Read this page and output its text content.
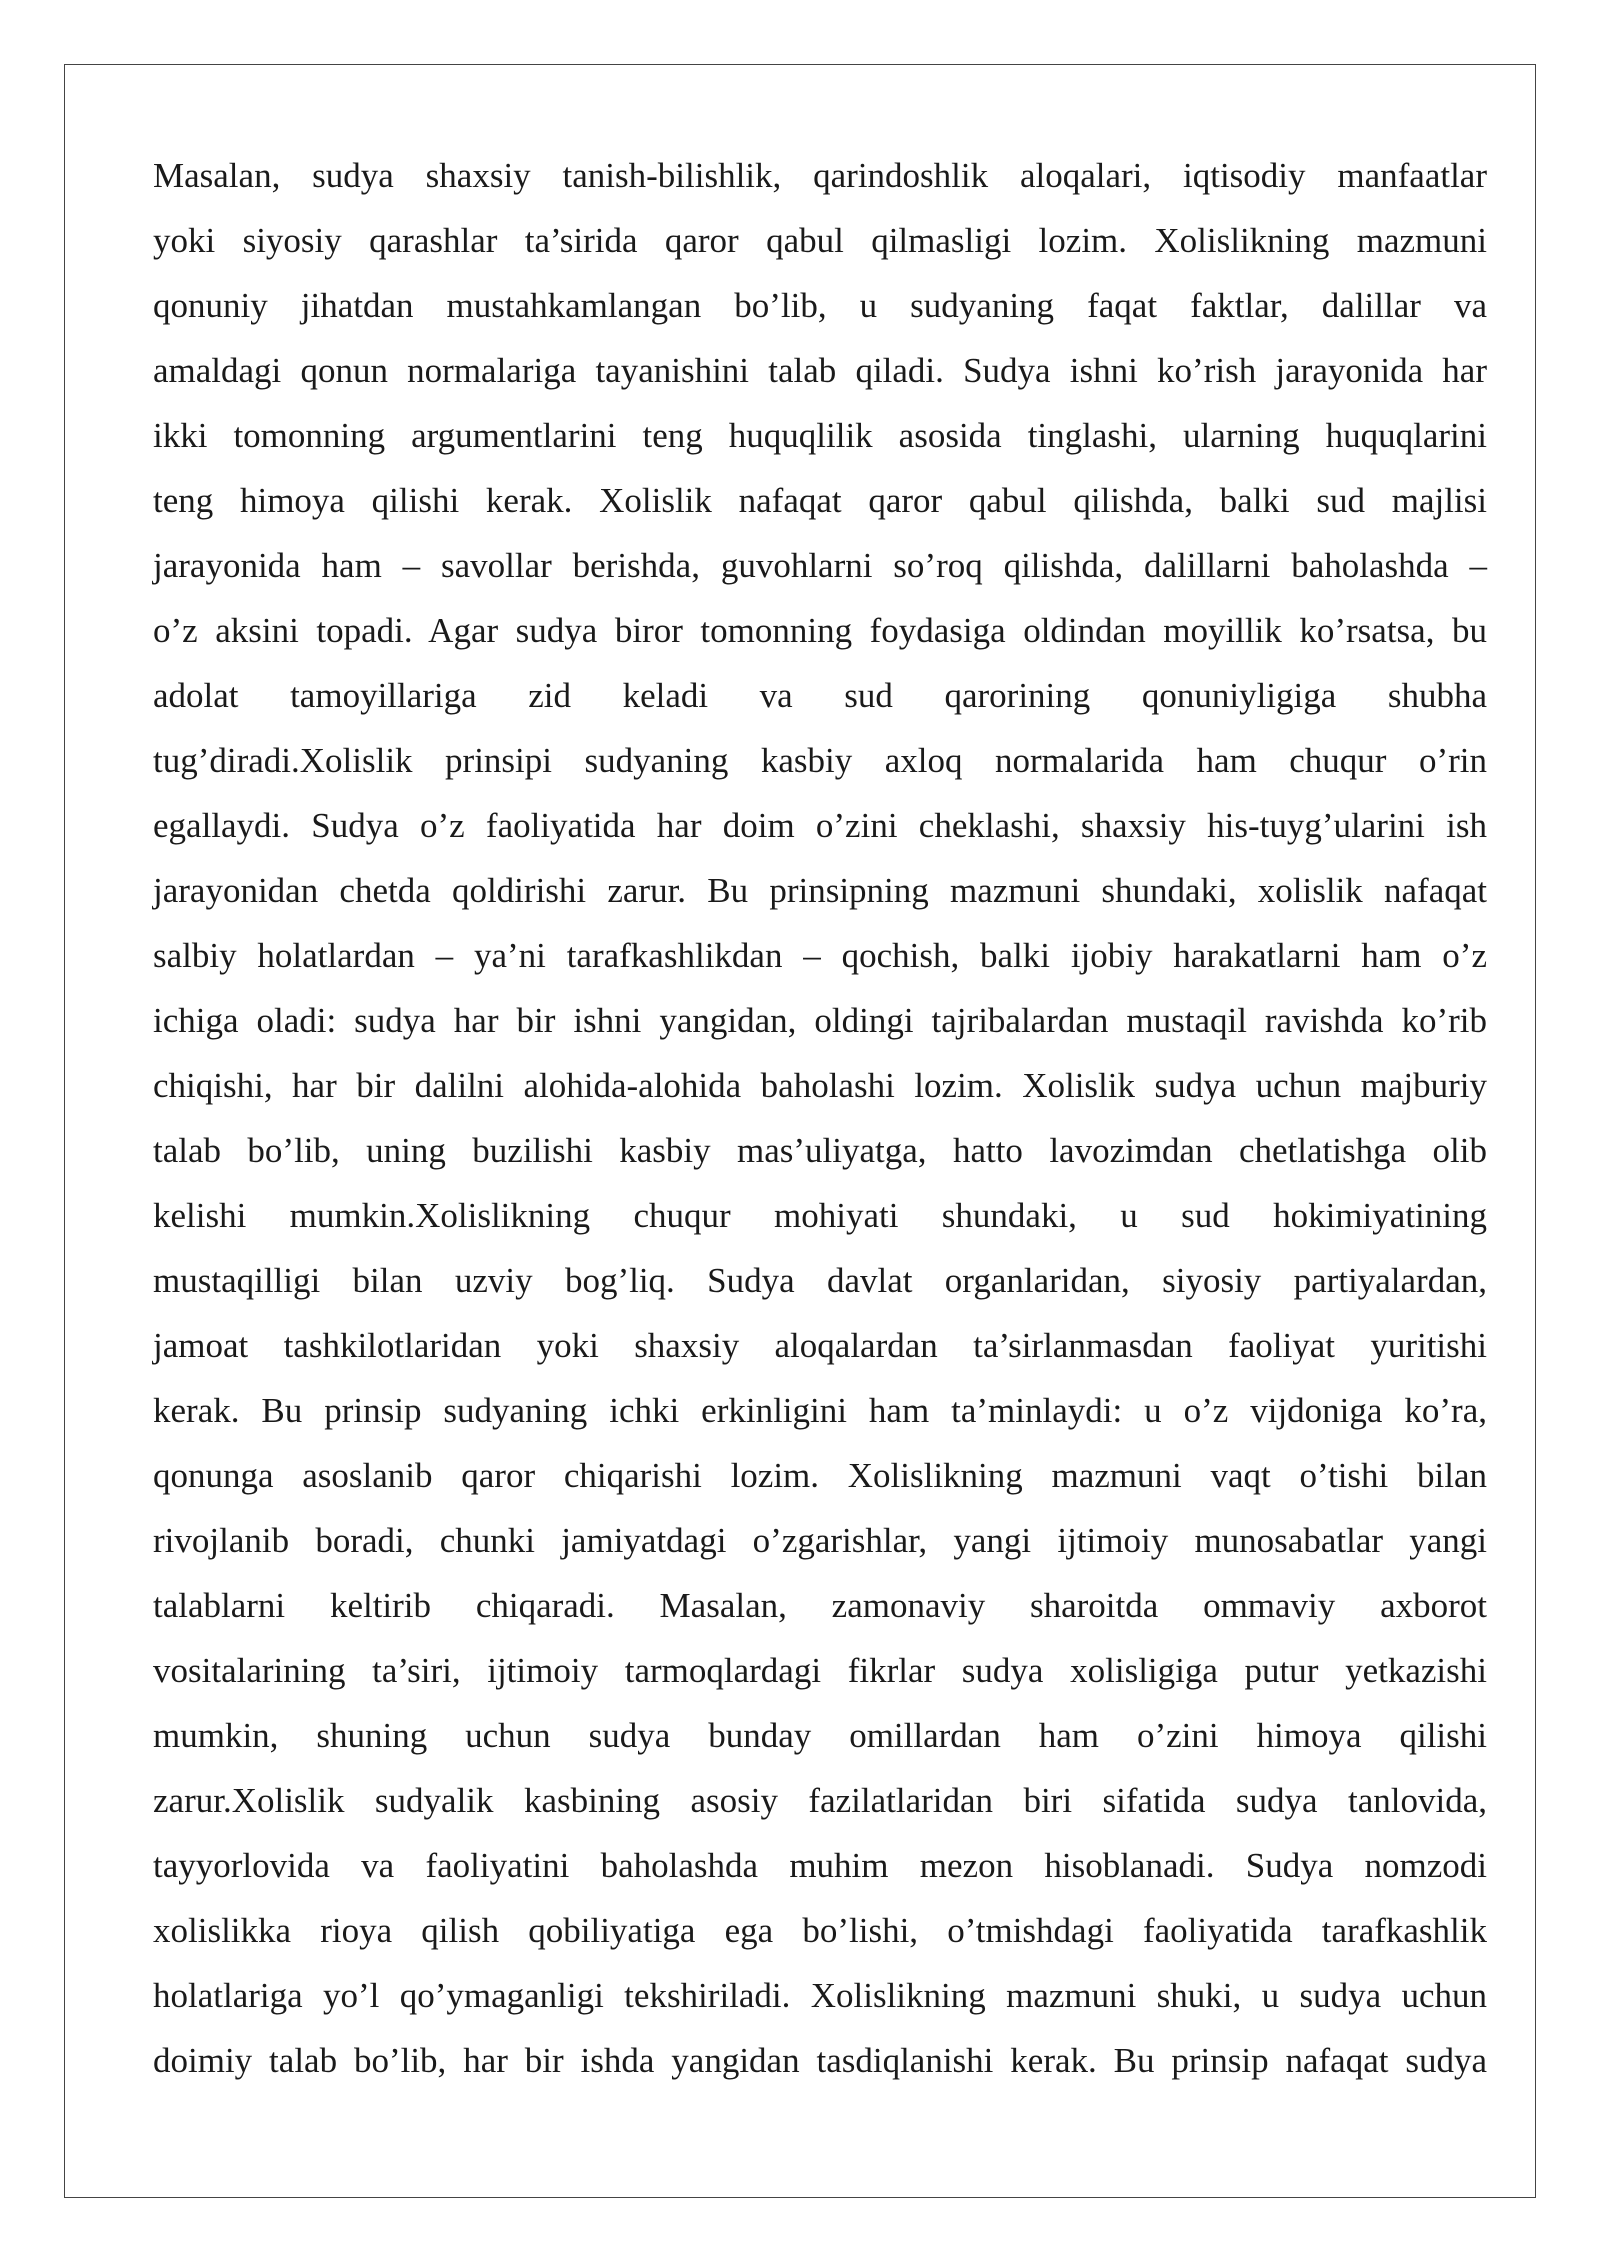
Masalan, sudya shaxsiy tanish-bilishlik, qarindoshlik aloqalari, iqtisodiy manfaatlar
yoki siyosiy qarashlar ta’sirida qaror qabul qilmasligi lozim. Xolislikning mazmuni
qonuniy jihatdan mustahkamlangan bo’lib, u sudyaning faqat faktlar, dalillar va
amaldagi qonun normalariga tayanishini talab qiladi. Sudya ishni ko’rish jarayonida har
ikki tomonning argumentlarini teng huquqlilik asosida tinglashi, ularning huquqlarini
teng himoya qilishi kerak. Xolislik nafaqat qaror qabul qilishda, balki sud majlisi
jarayonida ham – savollar berishda, guvohlarni so’roq qilishda, dalillarni baholashda –
o’z aksini topadi. Agar sudya biror tomonning foydasiga oldindan moyillik ko’rsatsa, bu
adolat tamoyillariga zid keladi va sud qarorining qonuniyligiga shubha
tug’diradi.Xolislik prinsipi sudyaning kasbiy axloq normalarida ham chuqur o’rin
egallaydi. Sudya o’z faoliyatida har doim o’zini cheklashi, shaxsiy his-tuyg’ularini ish
jarayonidan chetda qoldirishi zarur. Bu prinsipning mazmuni shundaki, xolislik nafaqat
salbiy holatlardan – ya’ni tarafkashlikdan – qochish, balki ijobiy harakatlarni ham o’z
ichiga oladi: sudya har bir ishni yangidan, oldingi tajribalardan mustaqil ravishda ko’rib
chiqishi, har bir dalilni alohida-alohida baholashi lozim. Xolislik sudya uchun majburiy
talab bo’lib, uning buzilishi kasbiy mas’uliyatga, hatto lavozimdan chetlatishga olib
kelishi mumkin.Xolislikning chuqur mohiyati shundaki, u sud hokimiyatining
mustaqilligi bilan uzviy bog’liq. Sudya davlat organlaridan, siyosiy partiyalardan,
jamoat tashkilotlaridan yoki shaxsiy aloqalardan ta’sirlanmasdan faoliyat yuritishi
kerak. Bu prinsip sudyaning ichki erkinligini ham ta’minlaydi: u o’z vijdoniga ko’ra,
qonunga asoslanib qaror chiqarishi lozim. Xolislikning mazmuni vaqt o’tishi bilan
rivojlanib boradi, chunki jamiyatdagi o’zgarishlar, yangi ijtimoiy munosabatlar yangi
talablarni keltirib chiqaradi. Masalan, zamonaviy sharoitda ommaviy axborot
vositalarining ta’siri, ijtimoiy tarmoqlardagi fikrlar sudya xolisligiga putur yetkazishi
mumkin, shuning uchun sudya bunday omillardan ham o’zini himoya qilishi
zarur.Xolislik sudyalik kasbining asosiy fazilatlaridan biri sifatida sudya tanlovida,
tayyorlovida va faoliyatini baholashda muhim mezon hisoblanadi. Sudya nomzodi
xolislikka rioya qilish qobiliyatiga ega bo’lishi, o’tmishdagi faoliyatida tarafkashlik
holatlariga yo’l qo’ymaganligi tekshiriladi. Xolislikning mazmuni shuki, u sudya uchun
doimiy talab bo’lib, har bir ishda yangidan tasdiqlanishi kerak. Bu prinsip nafaqat sudya
